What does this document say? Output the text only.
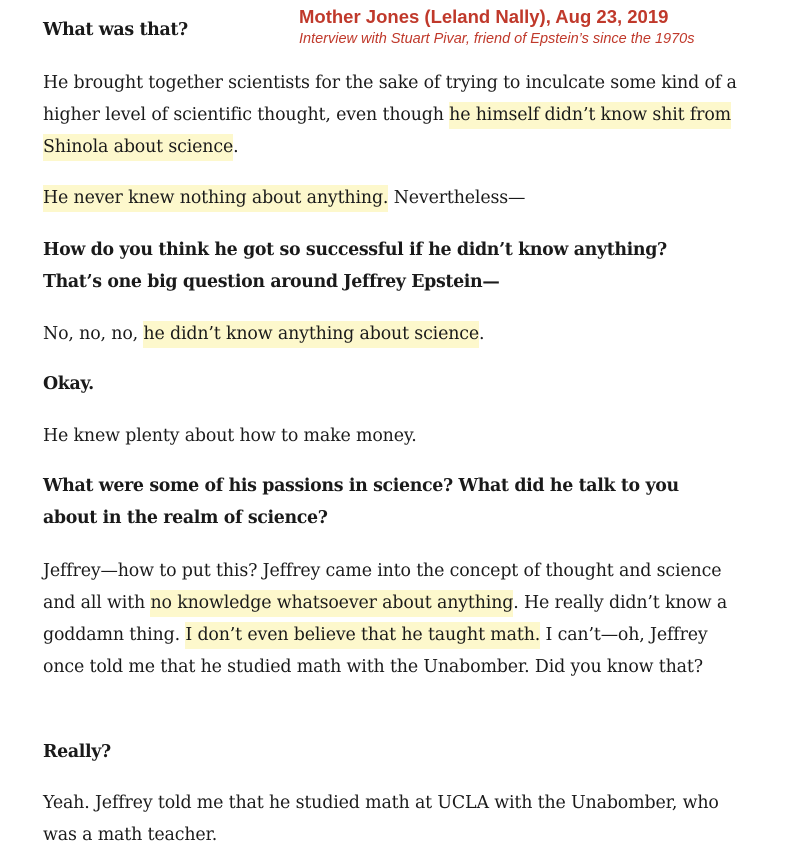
Mother Jones (Leland Nally), Aug 23, 2019
Interview with Stuart Pivar, friend of Epstein’s since the 1970s

What was that?

He brought together scientists for the sake of trying to inculcate some kind of a higher level of scientific thought, even though he himself didn’t know shit from Shinola about science.

He never knew nothing about anything. Nevertheless—

How do you think he got so successful if he didn’t know anything? That’s one big question around Jeffrey Epstein—

No, no, no, he didn’t know anything about science.

Okay.

He knew plenty about how to make money.

What were some of his passions in science? What did he talk to you about in the realm of science?

Jeffrey—how to put this? Jeffrey came into the concept of thought and science and all with no knowledge whatsoever about anything. He really didn’t know a goddamn thing. I don’t even believe that he taught math. I can’t—oh, Jeffrey once told me that he studied math with the Unabomber. Did you know that?

Really?

Yeah. Jeffrey told me that he studied math at UCLA with the Unabomber, who was a math teacher.
